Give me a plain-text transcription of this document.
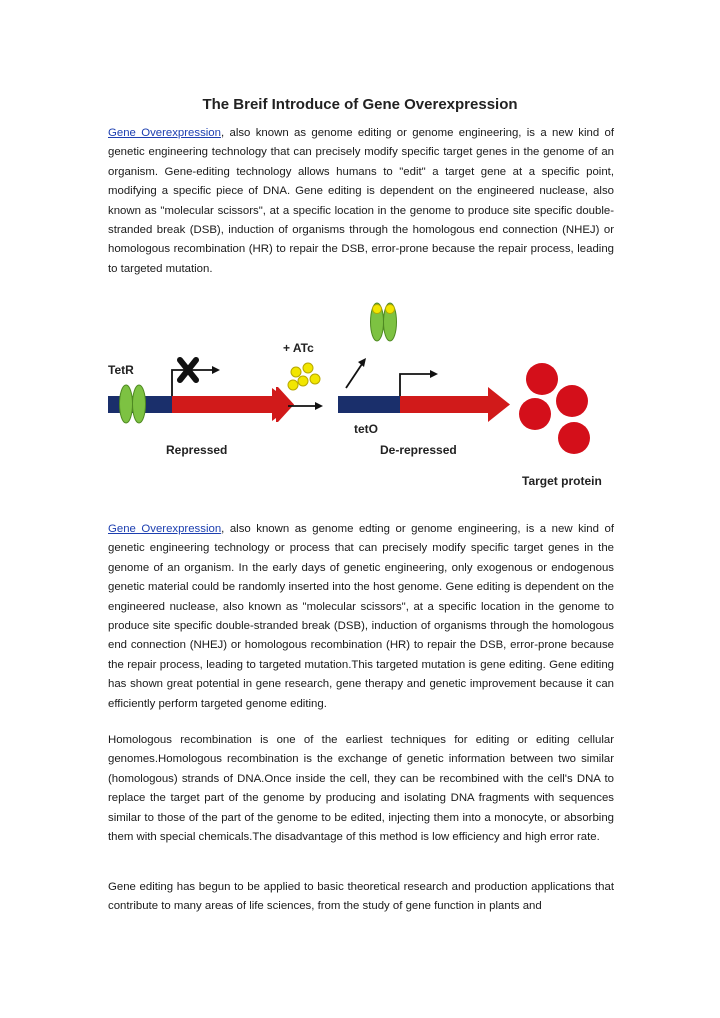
The Breif Introduce of Gene Overexpression

Gene Overexpression, also known as genome editing or genome engineering, is a new kind of genetic engineering technology that can precisely modify specific target genes in the genome of an organism. Gene-editing technology allows humans to "edit" a target gene at a specific point, modifying a specific piece of DNA. Gene editing is dependent on the engineered nuclease, also known as "molecular scissors", at a specific location in the genome to produce site specific double-stranded break (DSB), induction of organisms through the homologous end connection (NHEJ) or homologous recombination (HR) to repair the DSB, error-prone because the repair process, leading to targeted mutation.

TetR
Repressed
+ ATc
tetO
De-repressed
Target protein

Gene Overexpression, also known as genome edting or genome engineering, is a new kind of genetic engineering technology or process that can precisely modify specific target genes in the genome of an organism. In the early days of genetic engineering, only exogenous or endogenous genetic material could be randomly inserted into the host genome. Gene editing is dependent on the engineered nuclease, also known as "molecular scissors", at a specific location in the genome to produce site specific double-stranded break (DSB), induction of organisms through the homologous end connection (NHEJ) or homologous recombination (HR) to repair the DSB, error-prone because the repair process, leading to targeted mutation.This targeted mutation is gene editing. Gene editing has shown great potential in gene research, gene therapy and genetic improvement because it can efficiently perform targeted genome editing.

Homologous recombination is one of the earliest techniques for editing or editing cellular genomes.Homologous recombination is the exchange of genetic information between two similar (homologous) strands of DNA.Once inside the cell, they can be recombined with the cell's DNA to replace the target part of the genome by producing and isolating DNA fragments with sequences similar to those of the part of the genome to be edited, injecting them into a monocyte, or absorbing them with special chemicals.The disadvantage of this method is low efficiency and high error rate.

Gene editing has begun to be applied to basic theoretical research and production applications that contribute to many areas of life sciences, from the study of gene function in plants and
